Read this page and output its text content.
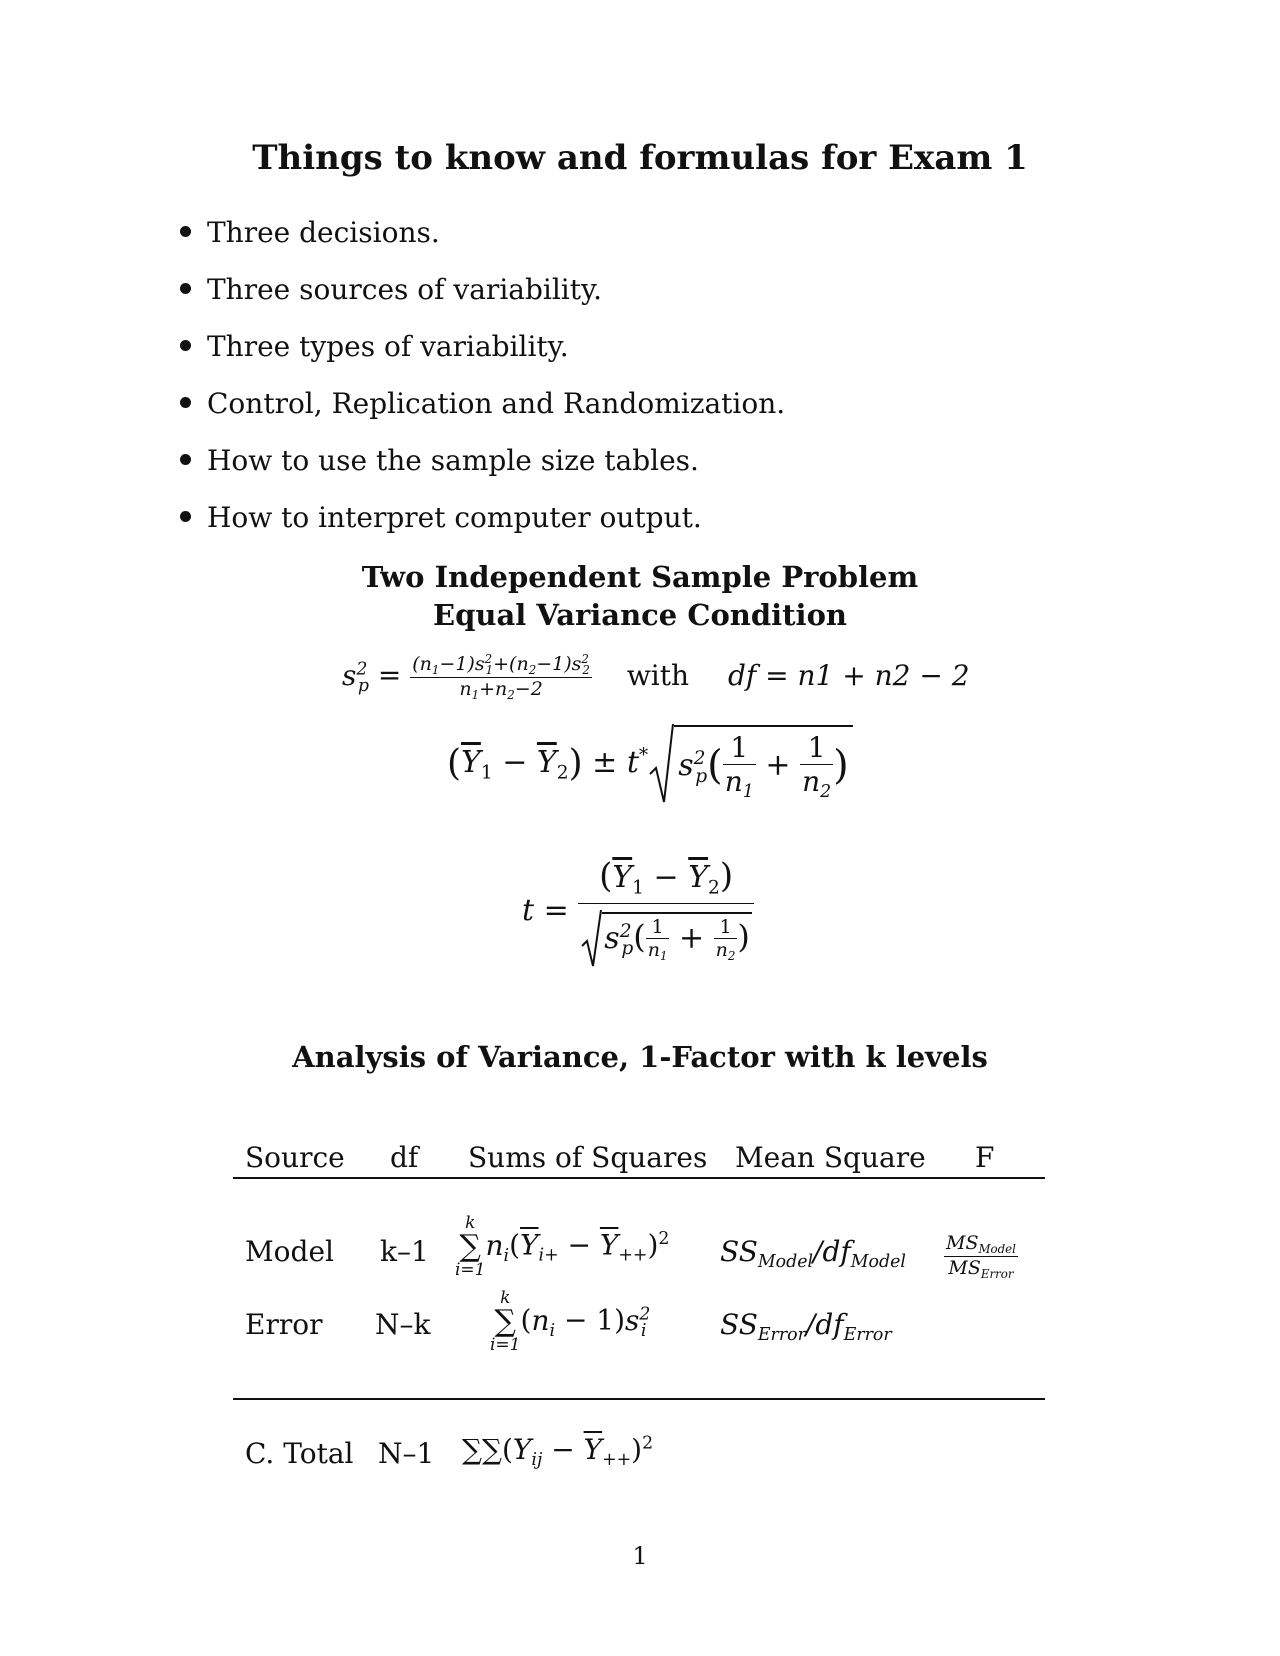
Things to know and formulas for Exam 1
Three decisions.
Three sources of variability.
Three types of variability.
Control, Replication and Randomization.
How to use the sample size tables.
How to interpret computer output.
Two Independent Sample Problem
Equal Variance Condition
$s^2_p = \frac{(n_1-1)s^2_1+(n_2-1)s^2_2}{n_1+n_2-2}$ with df = n1 + n2 − 2
$(\overline{Y}_1 - \overline{Y}_2) \pm t^*$ $s^2_p( \frac{1}{n_1} + \frac{1}{n_2}$ )
$t = \frac{(\overline{Y}_1 - \overline{Y}_2)}{s^2_p( \frac{1}{n_1} + \frac{1}{n_2} )}$
Analysis of Variance, 1-Factor with k levels
Source df Sums of Squares Mean Square F
Model k–1
k
∑
i=1
$n_i(\overline{Y}_{i+} - \overline{Y}_{++})^2$ $SS_{Model}/df_{Model} \frac{MS_{Model}}{MS_{Error}}$
Error N–k
k
∑
i=1
$(n_i - 1)s^2_i$	$SS_{Error}/df_{Error}$
C. Total N–1 $\sum\sum(Y_{ij} - \overline{Y}_{++})^2$
1
